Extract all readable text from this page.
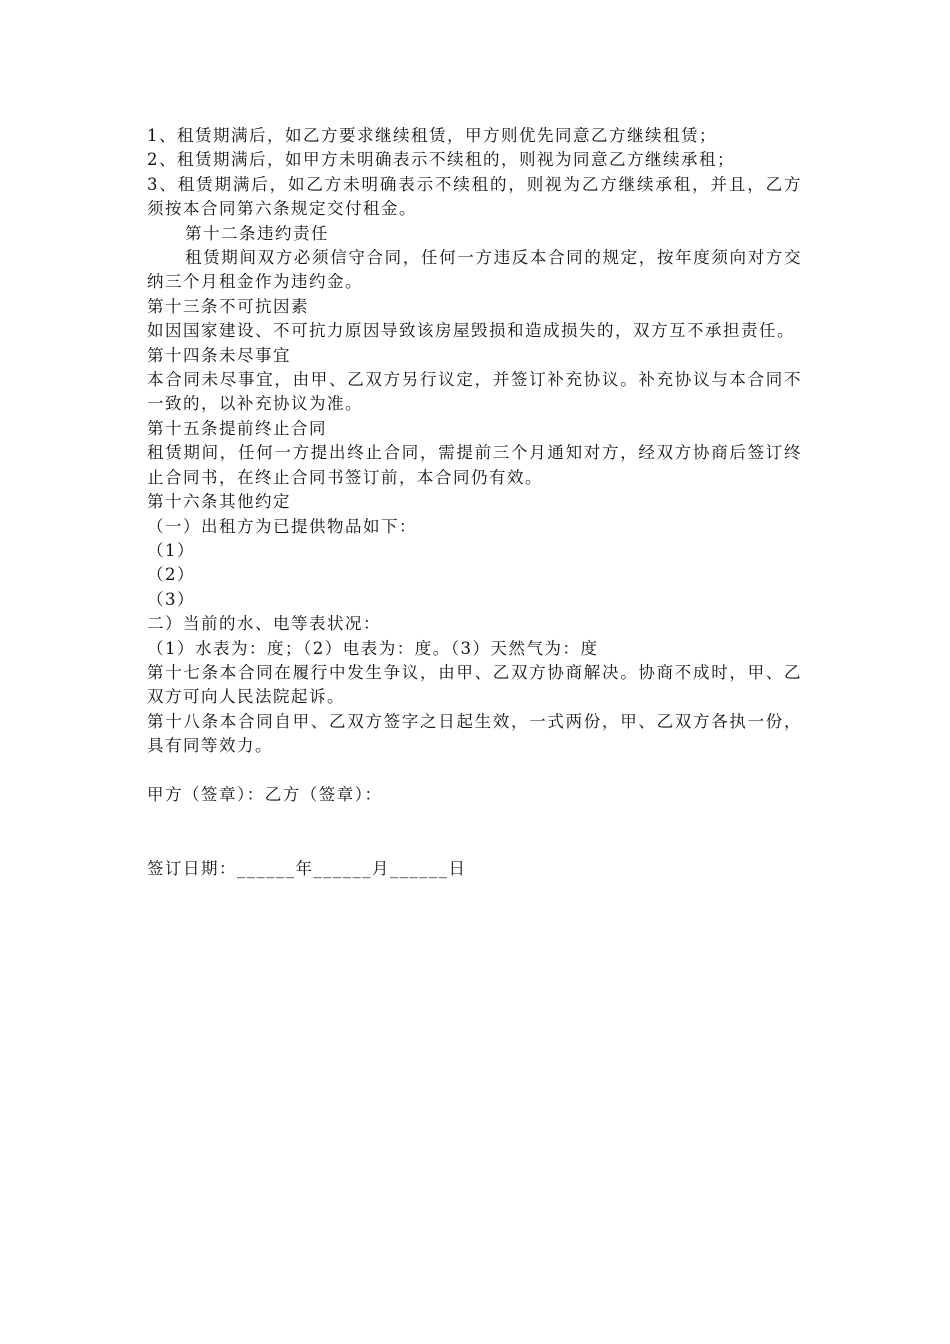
1、租赁期满后，如乙方要求继续租赁，甲方则优先同意乙方继续租赁；

2、租赁期满后，如甲方未明确表示不续租的，则视为同意乙方继续承租；

3、租赁期满后，如乙方未明确表示不续租的，则视为乙方继续承租，并且，乙方须按本合同第六条规定交付租金。

第十二条违约责任

租赁期间双方必须信守合同，任何一方违反本合同的规定，按年度须向对方交纳三个月租金作为违约金。

第十三条不可抗因素

如因国家建设、不可抗力原因导致该房屋毁损和造成损失的，双方互不承担责任。

第十四条未尽事宜

本合同未尽事宜，由甲、乙双方另行议定，并签订补充协议。补充协议与本合同不一致的，以补充协议为准。

第十五条提前终止合同

租赁期间，任何一方提出终止合同，需提前三个月通知对方，经双方协商后签订终止合同书，在终止合同书签订前，本合同仍有效。

第十六条其他约定

（一）出租方为已提供物品如下：

（1）

（2）

（3）

二）当前的水、电等表状况：

（1）水表为：度；（2）电表为：度。（3）天然气为：度

第十七条本合同在履行中发生争议，由甲、乙双方协商解决。协商不成时，甲、乙双方可向人民法院起诉。

第十八条本合同自甲、乙双方签字之日起生效，一式两份，甲、乙双方各执一份，具有同等效力。

甲方（签章）：乙方（签章）：

签订日期：______年______月______日
